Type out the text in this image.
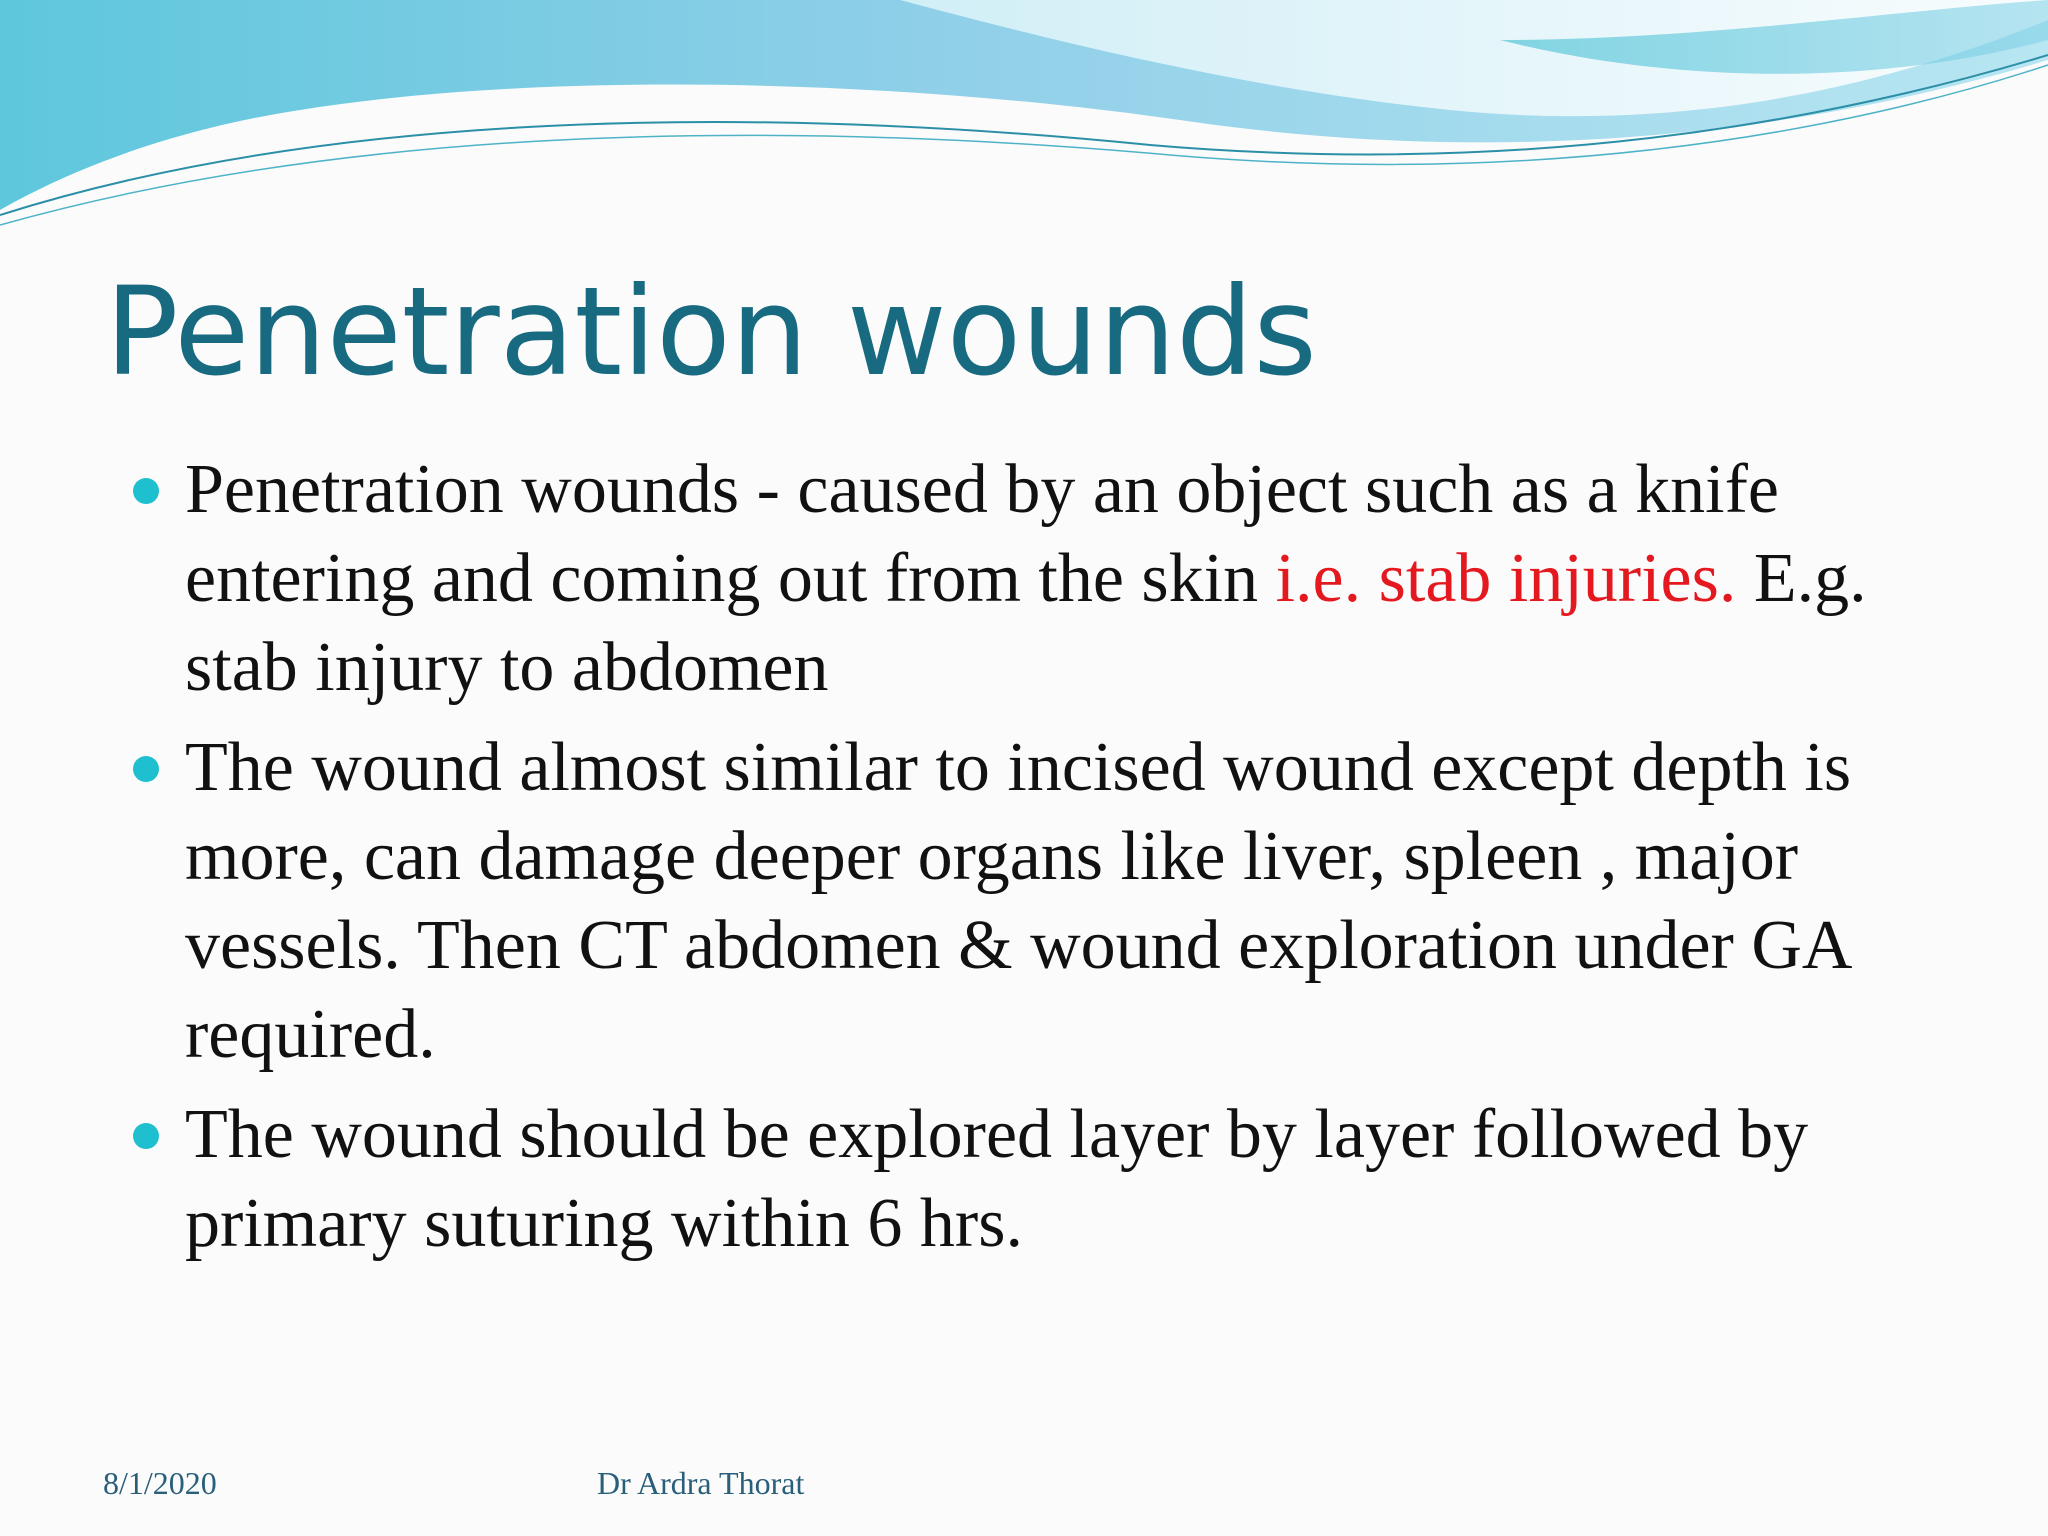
Penetration wounds
Penetration wounds - caused by an object such as a knife entering and coming out from the skin i.e. stab injuries. E.g. stab injury to abdomen
The wound almost similar to incised wound except depth is more, can damage deeper organs like liver, spleen , major vessels. Then CT abdomen & wound exploration under GA required.
The wound should be explored layer by layer followed by primary suturing within 6 hrs.
8/1/2020	Dr Ardra Thorat
